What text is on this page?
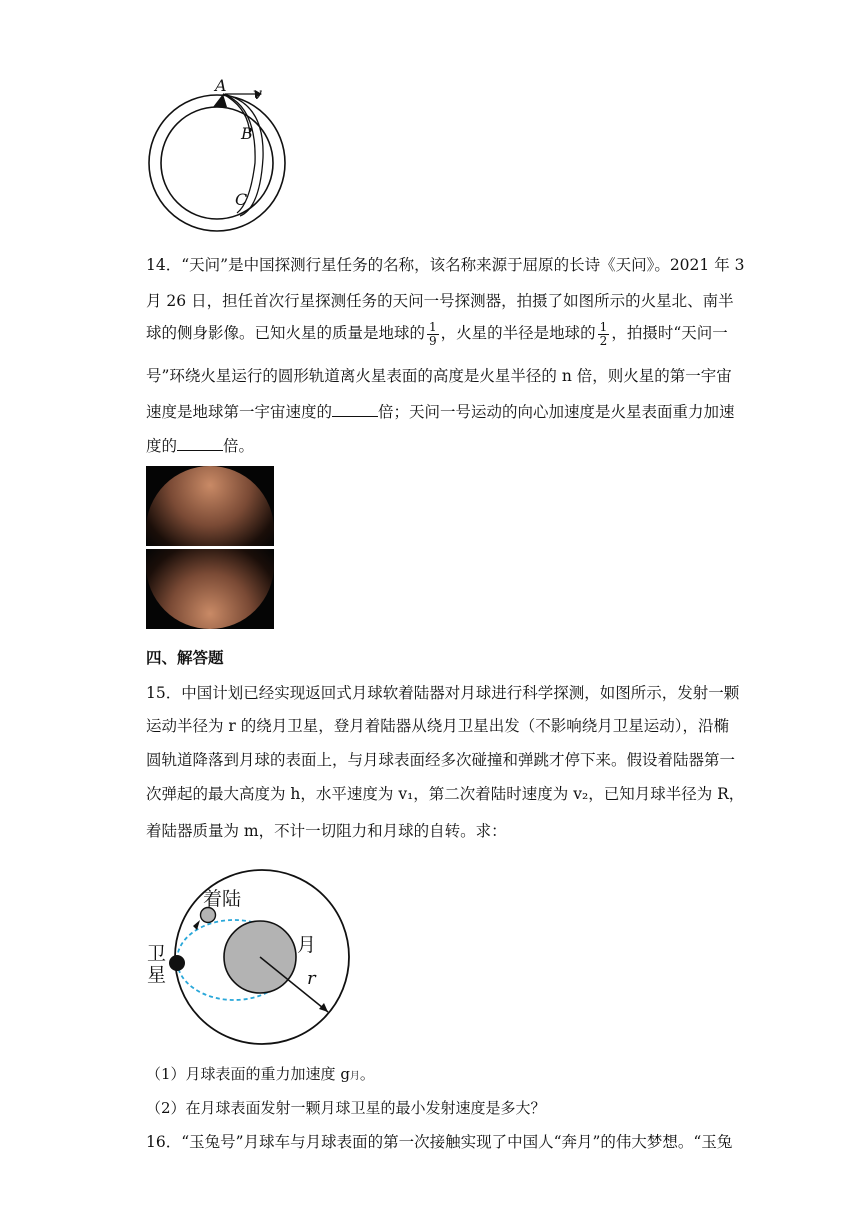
A v
B
C
14．“天问”是中国探测行星任务的名称，该名称来源于屈原的长诗《天问》。2021 年 3
月 26 日，担任首次行星探测任务的天问一号探测器，拍摄了如图所示的火星北、南半
球的侧身影像。已知火星的质量是地球的 $\frac{1}{9}$ ，火星的半径是地球的 $\frac{1}{2}$ ，拍摄时“天问一
号”环绕火星运行的圆形轨道离火星表面的高度是火星半径的 n 倍，则火星的第一宇宙
速度是地球第一宇宙速度的	倍；天问一号运动的向心加速度是火星表面重力加速
度的	倍。
四、解答题
15．中国计划已经实现返回式月球软着陆器对月球进行科学探测，如图所示，发射一颗
运动半径为 r 的绕月卫星，登月着陆器从绕月卫星出发（不影响绕月卫星运动），沿椭
圆轨道降落到月球的表面上，与月球表面经多次碰撞和弹跳才停下来。假设着陆器第一
次弹起的最大高度为 h，水平速度为 v₁，第二次着陆时速度为 v₂，已知月球半径为 R，
着陆器质量为 m，不计一切阻力和月球的自转。求：
着陆
卫星
月
r
（1）月球表面的重力加速度 g月。
（2）在月球表面发射一颗月球卫星的最小发射速度是多大？
16．“玉兔号”月球车与月球表面的第一次接触实现了中国人“奔月”的伟大梦想。“玉兔
